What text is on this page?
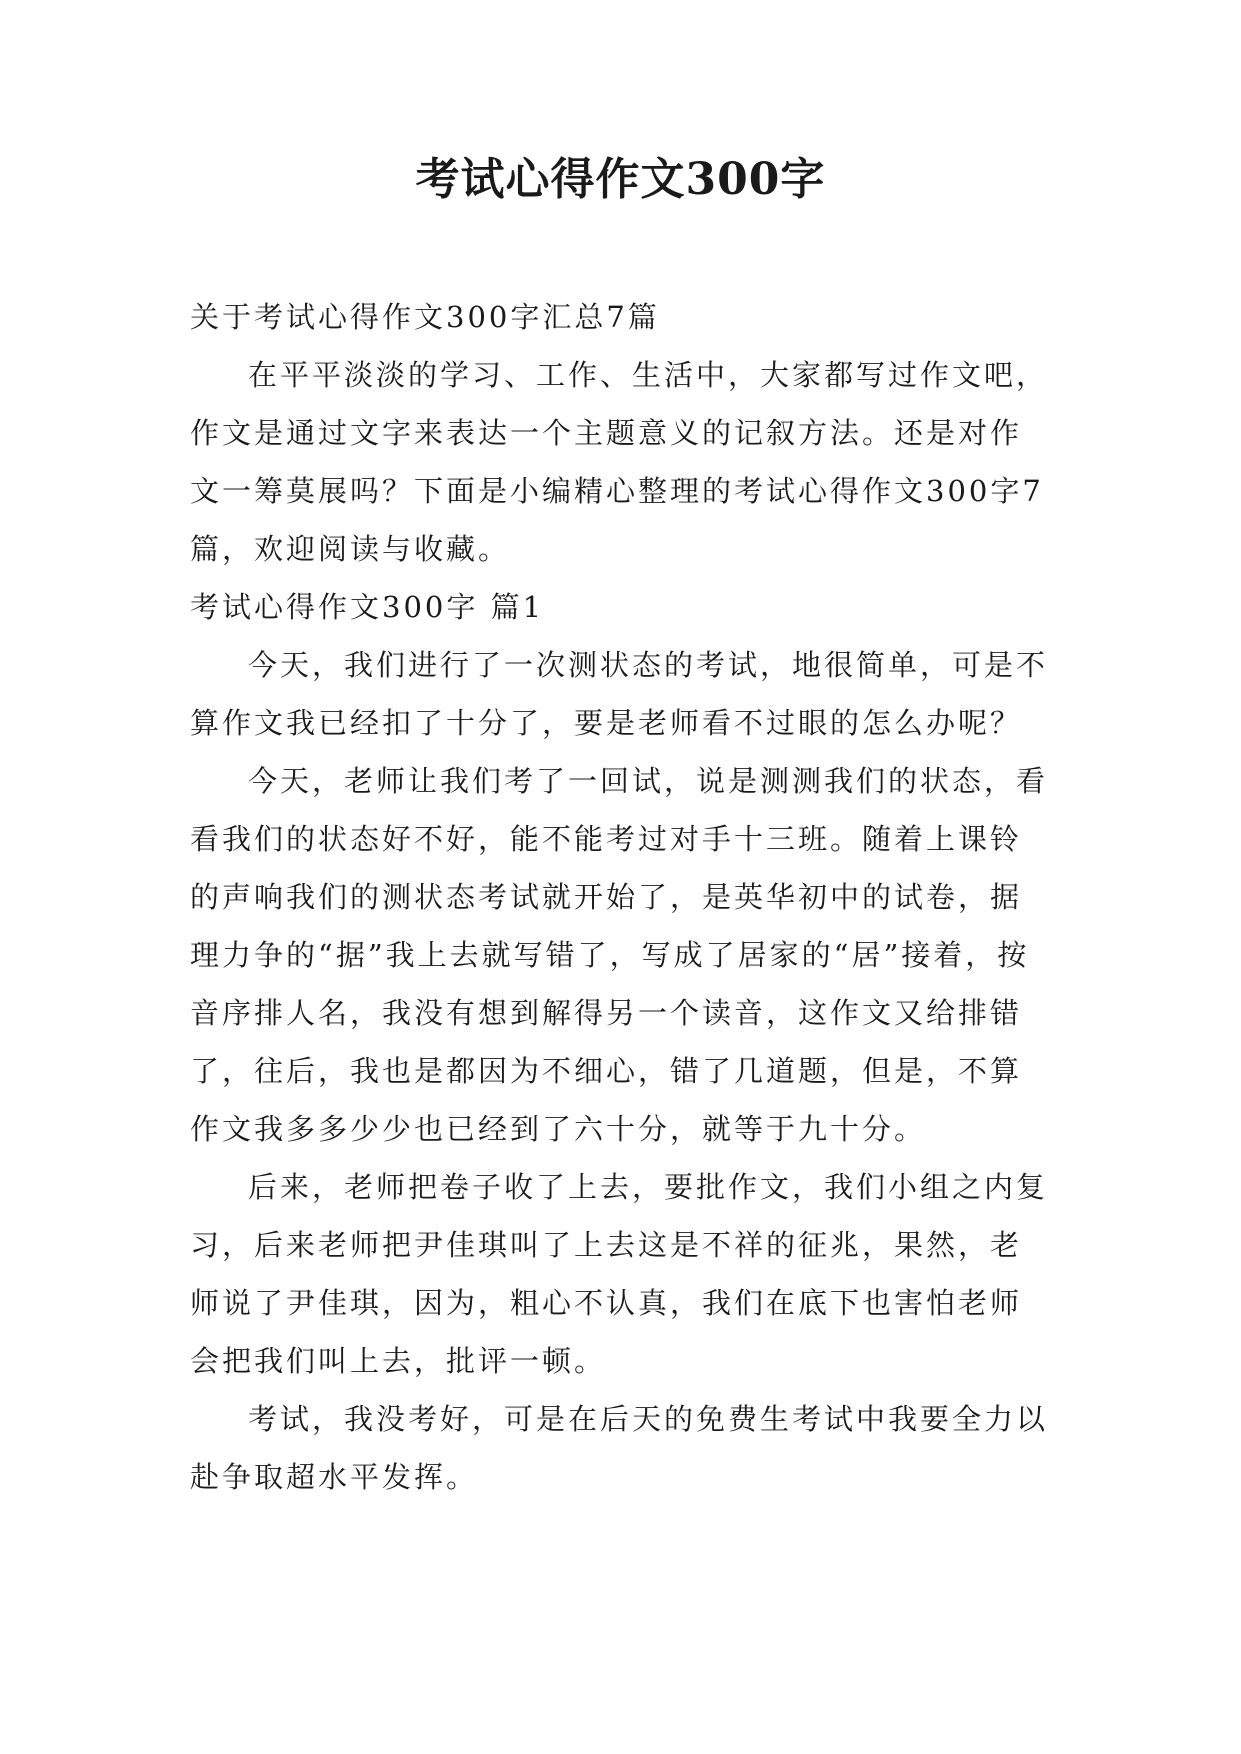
考试心得作文300字

关于考试心得作文300字汇总7篇

在平平淡淡的学习、工作、生活中，大家都写过作文吧，作文是通过文字来表达一个主题意义的记叙方法。还是对作文一筹莫展吗？下面是小编精心整理的考试心得作文300字7篇，欢迎阅读与收藏。

考试心得作文300字 篇1

今天，我们进行了一次测状态的考试，地很简单，可是不算作文我已经扣了十分了，要是老师看不过眼的怎么办呢？

今天，老师让我们考了一回试，说是测测我们的状态，看看我们的状态好不好，能不能考过对手十三班。随着上课铃的声响我们的测状态考试就开始了，是英华初中的试卷，据理力争的“据”我上去就写错了，写成了居家的“居”接着，按音序排人名，我没有想到解得另一个读音，这作文又给排错了，往后，我也是都因为不细心，错了几道题，但是，不算作文我多多少少也已经到了六十分，就等于九十分。

后来，老师把卷子收了上去，要批作文，我们小组之内复习，后来老师把尹佳琪叫了上去这是不祥的征兆，果然，老师说了尹佳琪，因为，粗心不认真，我们在底下也害怕老师会把我们叫上去，批评一顿。

考试，我没考好，可是在后天的免费生考试中我要全力以赴争取超水平发挥。
